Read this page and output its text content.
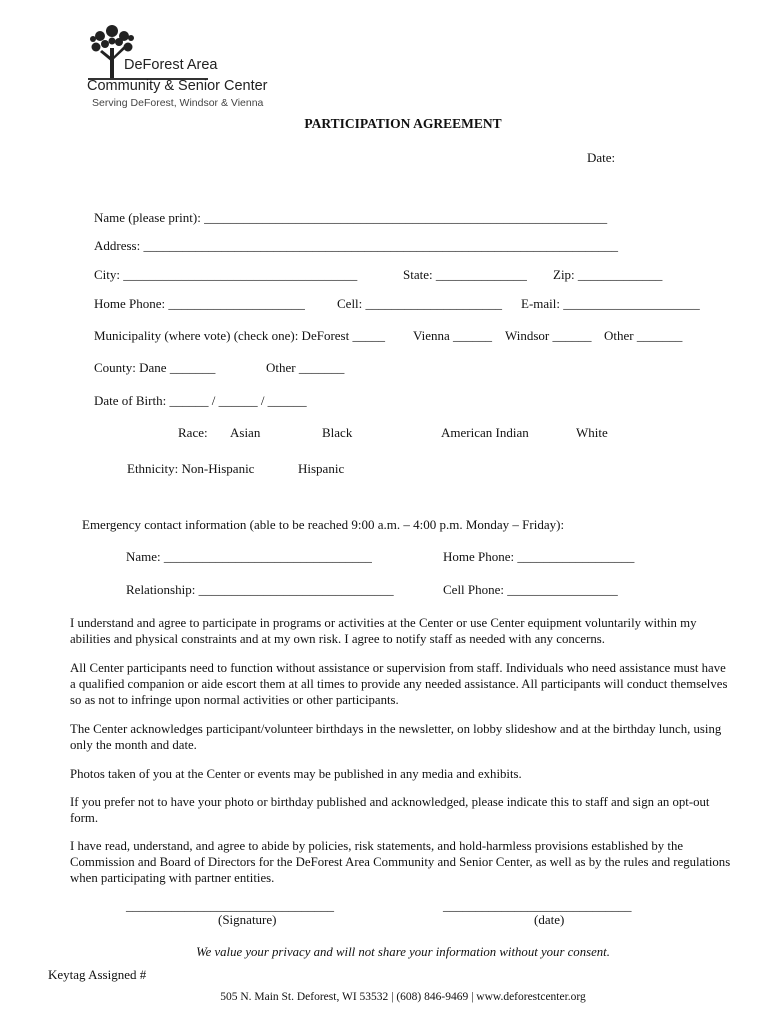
DeForest Area
Community & Senior Center
Serving DeForest, Windsor & Vienna
PARTICIPATION AGREEMENT
Date:
Name (please print): ______________________________________________________________
Address: _________________________________________________________________________
City: ____________________________________	State: ______________ Zip: _____________
Home Phone: _____________________ Cell: _____________________ E-mail: _____________________
Municipality (where vote) (check one): DeForest _____ Vienna ______ Windsor ______ Other _______
County: Dane _______	Other _______
Date of Birth: ______ / ______ / ______
Race: Asian	Black	American Indian	White
Ethnicity: Non-Hispanic	Hispanic
Emergency contact information (able to be reached 9:00 a.m. – 4:00 p.m. Monday – Friday):
Name: ________________________________	Home Phone: __________________
Relationship: ______________________________	Cell Phone: _________________
I understand and agree to participate in programs or activities at the Center or use Center equipment voluntarily within my abilities and physical constraints and at my own risk. I agree to notify staff as needed with any concerns.
All Center participants need to function without assistance or supervision from staff. Individuals who need assistance must have a qualified companion or aide escort them at all times to provide any needed assistance. All participants will conduct themselves so as not to infringe upon normal activities or other participants.
The Center acknowledges participant/volunteer birthdays in the newsletter, on lobby slideshow and at the birthday lunch, using only the month and date.
Photos taken of you at the Center or events may be published in any media and exhibits.
If you prefer not to have your photo or birthday published and acknowledged, please indicate this to staff and sign an opt-out form.
I have read, understand, and agree to abide by policies, risk statements, and hold-harmless provisions established by the Commission and Board of Directors for the DeForest Area Community and Senior Center, as well as by the rules and regulations when participating with partner entities.
________________________________	_____________________________
(Signature)	(date)
We value your privacy and will not share your information without your consent.
Keytag Assigned #
505 N. Main St. Deforest, WI 53532 | (608) 846-9469 | www.deforestcenter.org
